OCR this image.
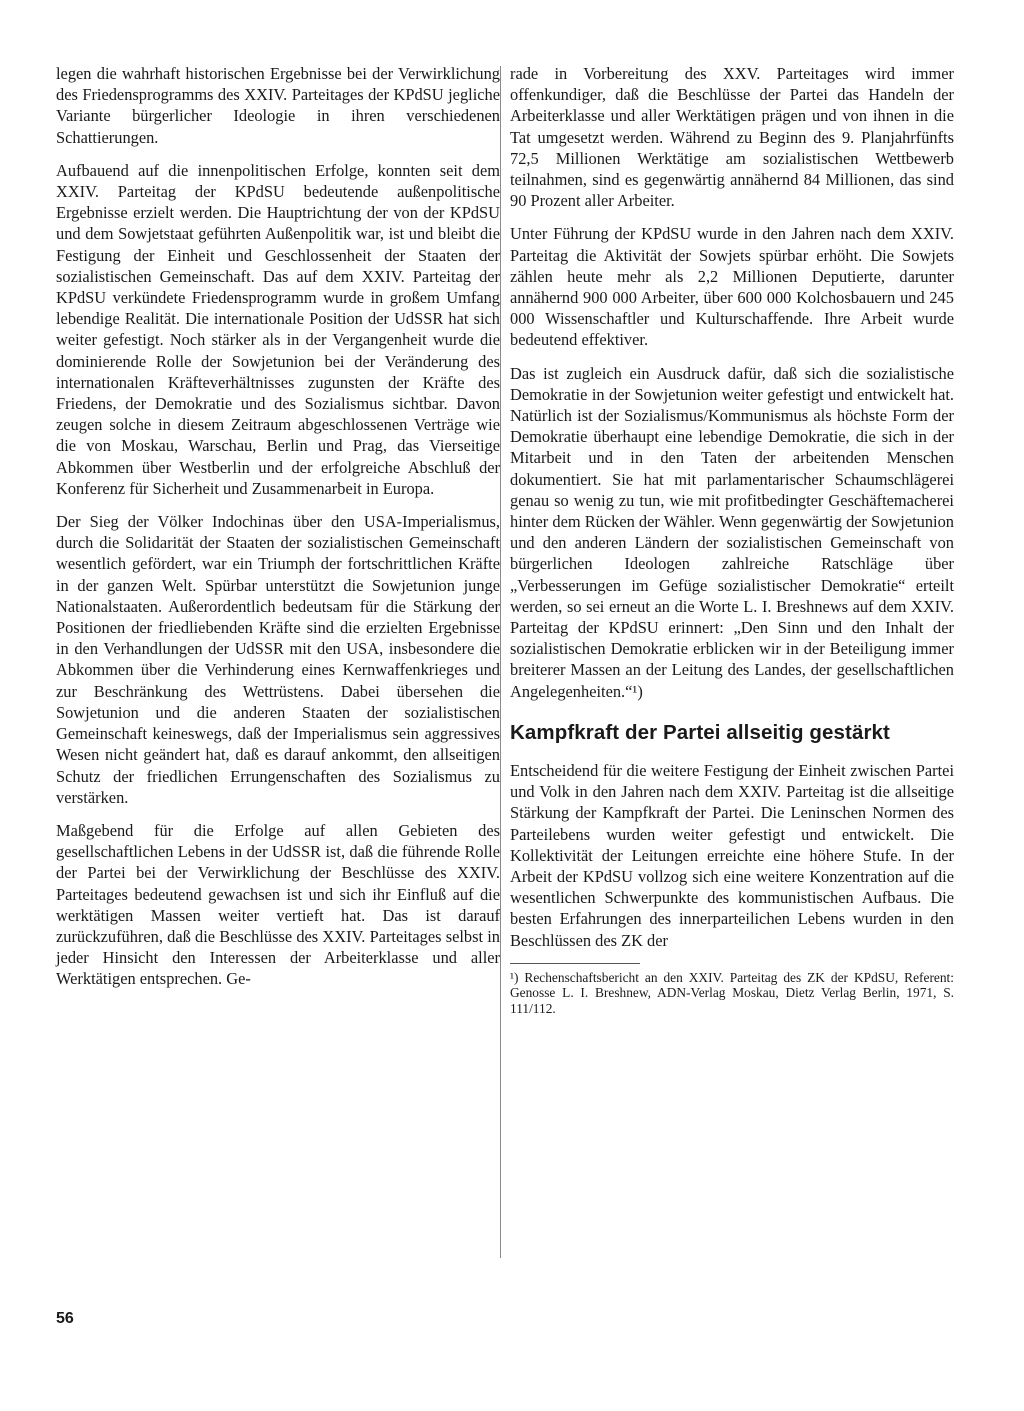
legen die wahrhaft historischen Ergebnisse bei der Verwirklichung des Friedensprogramms des XXIV. Parteitages der KPdSU jegliche Variante bürgerlicher Ideologie in ihren verschiedenen Schattierungen.

Aufbauend auf die innenpolitischen Erfolge, konnten seit dem XXIV. Parteitag der KPdSU bedeutende außenpolitische Ergebnisse erzielt werden. Die Hauptrichtung der von der KPdSU und dem Sowjetstaat geführten Außenpolitik war, ist und bleibt die Festigung der Einheit und Geschlossenheit der Staaten der sozialistischen Gemeinschaft. Das auf dem XXIV. Parteitag der KPdSU verkündete Friedensprogramm wurde in großem Umfang lebendige Realität. Die internationale Position der UdSSR hat sich weiter gefestigt. Noch stärker als in der Vergangenheit wurde die dominierende Rolle der Sowjetunion bei der Veränderung des internationalen Kräfteverhältnisses zugunsten der Kräfte des Friedens, der Demokratie und des Sozialismus sichtbar. Davon zeugen solche in diesem Zeitraum abgeschlossenen Verträge wie die von Moskau, Warschau, Berlin und Prag, das Vierseitige Abkommen über Westberlin und der erfolgreiche Abschluß der Konferenz für Sicherheit und Zusammenarbeit in Europa.

Der Sieg der Völker Indochinas über den USA-Imperialismus, durch die Solidarität der Staaten der sozialistischen Gemeinschaft wesentlich gefördert, war ein Triumph der fortschrittlichen Kräfte in der ganzen Welt. Spürbar unterstützt die Sowjetunion junge Nationalstaaten. Außerordentlich bedeutsam für die Stärkung der Positionen der friedliebenden Kräfte sind die erzielten Ergebnisse in den Verhandlungen der UdSSR mit den USA, insbesondere die Abkommen über die Verhinderung eines Kernwaffenkrieges und zur Beschränkung des Wettrüstens. Dabei übersehen die Sowjetunion und die anderen Staaten der sozialistischen Gemeinschaft keineswegs, daß der Imperialismus sein aggressives Wesen nicht geändert hat, daß es darauf ankommt, den allseitigen Schutz der friedlichen Errungenschaften des Sozialismus zu verstärken.

Maßgebend für die Erfolge auf allen Gebieten des gesellschaftlichen Lebens in der UdSSR ist, daß die führende Rolle der Partei bei der Verwirklichung der Beschlüsse des XXIV. Parteitages bedeutend gewachsen ist und sich ihr Einfluß auf die werktätigen Massen weiter vertieft hat. Das ist darauf zurückzuführen, daß die Beschlüsse des XXIV. Parteitages selbst in jeder Hinsicht den Interessen der Arbeiterklasse und aller Werktätigen entsprechen. Ge-

rade in Vorbereitung des XXV. Parteitages wird immer offenkundiger, daß die Beschlüsse der Partei das Handeln der Arbeiterklasse und aller Werktätigen prägen und von ihnen in die Tat umgesetzt werden. Während zu Beginn des 9. Planjahrfünfts 72,5 Millionen Werktätige am sozialistischen Wettbewerb teilnahmen, sind es gegenwärtig annähernd 84 Millionen, das sind 90 Prozent aller Arbeiter.

Unter Führung der KPdSU wurde in den Jahren nach dem XXIV. Parteitag die Aktivität der Sowjets spürbar erhöht. Die Sowjets zählen heute mehr als 2,2 Millionen Deputierte, darunter annähernd 900 000 Arbeiter, über 600 000 Kolchosbauern und 245 000 Wissenschaftler und Kulturschaffende. Ihre Arbeit wurde bedeutend effektiver.

Das ist zugleich ein Ausdruck dafür, daß sich die sozialistische Demokratie in der Sowjetunion weiter gefestigt und entwickelt hat. Natürlich ist der Sozialismus/Kommunismus als höchste Form der Demokratie überhaupt eine lebendige Demokratie, die sich in der Mitarbeit und in den Taten der arbeitenden Menschen dokumentiert. Sie hat mit parlamentarischer Schaumschlägerei genau so wenig zu tun, wie mit profitbedingter Geschäftemacherei hinter dem Rücken der Wähler. Wenn gegenwärtig der Sowjetunion und den anderen Ländern der sozialistischen Gemeinschaft von bürgerlichen Ideologen zahlreiche Ratschläge über „Verbesserungen im Gefüge sozialistischer Demokratie“ erteilt werden, so sei erneut an die Worte L. I. Breshnews auf dem XXIV. Parteitag der KPdSU erinnert: „Den Sinn und den Inhalt der sozialistischen Demokratie erblicken wir in der Beteiligung immer breiterer Massen an der Leitung des Landes, der gesellschaftlichen Angelegenheiten.“¹)

Kampfkraft der Partei allseitig gestärkt

Entscheidend für die weitere Festigung der Einheit zwischen Partei und Volk in den Jahren nach dem XXIV. Parteitag ist die allseitige Stärkung der Kampfkraft der Partei. Die Leninschen Normen des Parteilebens wurden weiter gefestigt und entwickelt. Die Kollektivität der Leitungen erreichte eine höhere Stufe. In der Arbeit der KPdSU vollzog sich eine weitere Konzentration auf die wesentlichen Schwerpunkte des kommunistischen Aufbaus. Die besten Erfahrungen des innerparteilichen Lebens wurden in den Beschlüssen des ZK der

¹) Rechenschaftsbericht an den XXIV. Parteitag des ZK der KPdSU, Referent: Genosse L. I. Breshnew, ADN-Verlag Moskau, Dietz Verlag Berlin, 1971, S. 111/112.

56
